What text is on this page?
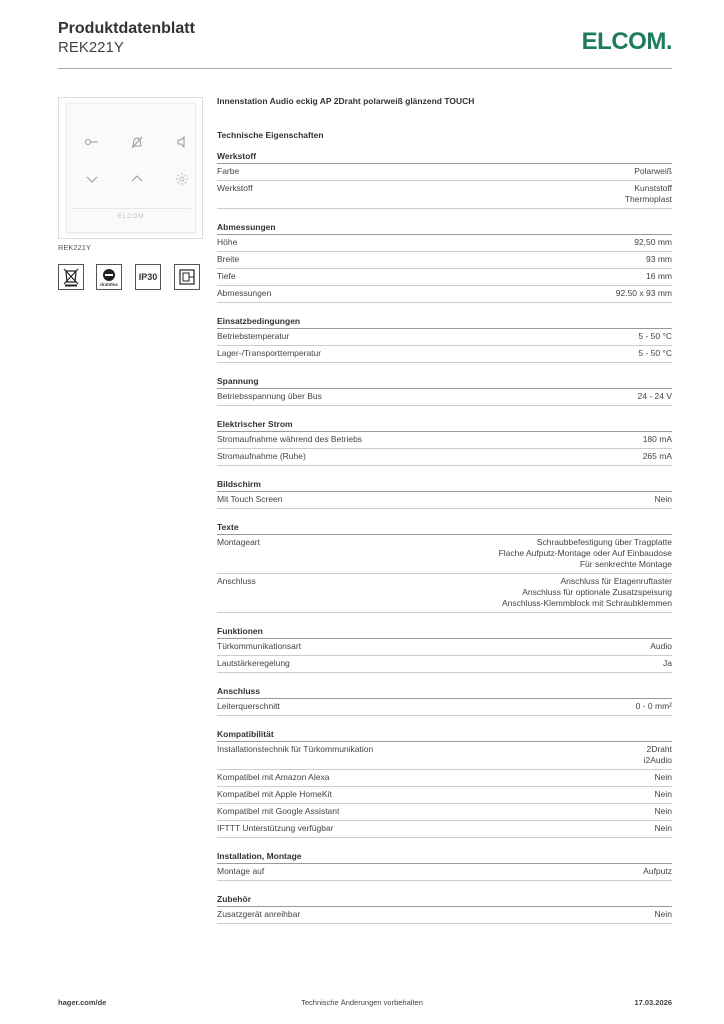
Produktdatenblatt
REK221Y	ELCOM.
ELCOM
REK221Y
drahtlos
IP30
Innenstation Audio eckig AP 2Draht polarweiß glänzend TOUCH
Technische Eigenschaften
Werkstoff
Farbe	Polarweiß
Werkstoff	Kunststoff
Thermoplast
Abmessungen
Höhe	92,50 mm
Breite	93 mm
Tiefe	16 mm
Abmessungen	92.50 x 93 mm
Einsatzbedingungen
Betriebstemperatur	5 - 50 °C
Lager-/Transporttemperatur	5 - 50 °C
Spannung
Betriebsspannung über Bus	24 - 24 V
Elektrischer Strom
Stromaufnahme während des Betriebs	180 mA
Stromaufnahme (Ruhe)	265 mA
Bildschirm
Mit Touch Screen	Nein
Texte
Montageart	Schraubbefestigung über Tragplatte
Flache Aufputz-Montage oder Auf Einbaudose
Für senkrechte Montage
Anschluss	Anschluss für Etagenruftaster
Anschluss für optionale Zusatzspeisung
Anschluss-Klemmblock mit Schraubklemmen
Funktionen
Türkommunikationsart	Audio
Lautstärkeregelung	Ja
Anschluss
Leiterquerschnitt	0 - 0 mm²
Kompatibilität
Installationstechnik für Türkommunikation	2Draht
i2Audio
Kompatibel mit Amazon Alexa	Nein
Kompatibel mit Apple HomeKit	Nein
Kompatibel mit Google Assistant	Nein
IFTTT Unterstützung verfügbar	Nein
Installation, Montage
Montage auf	Aufputz
Zubehör
Zusatzgerät anreihbar	Nein
hager.com/de	Technische Änderungen vorbehalten	17.03.2026
